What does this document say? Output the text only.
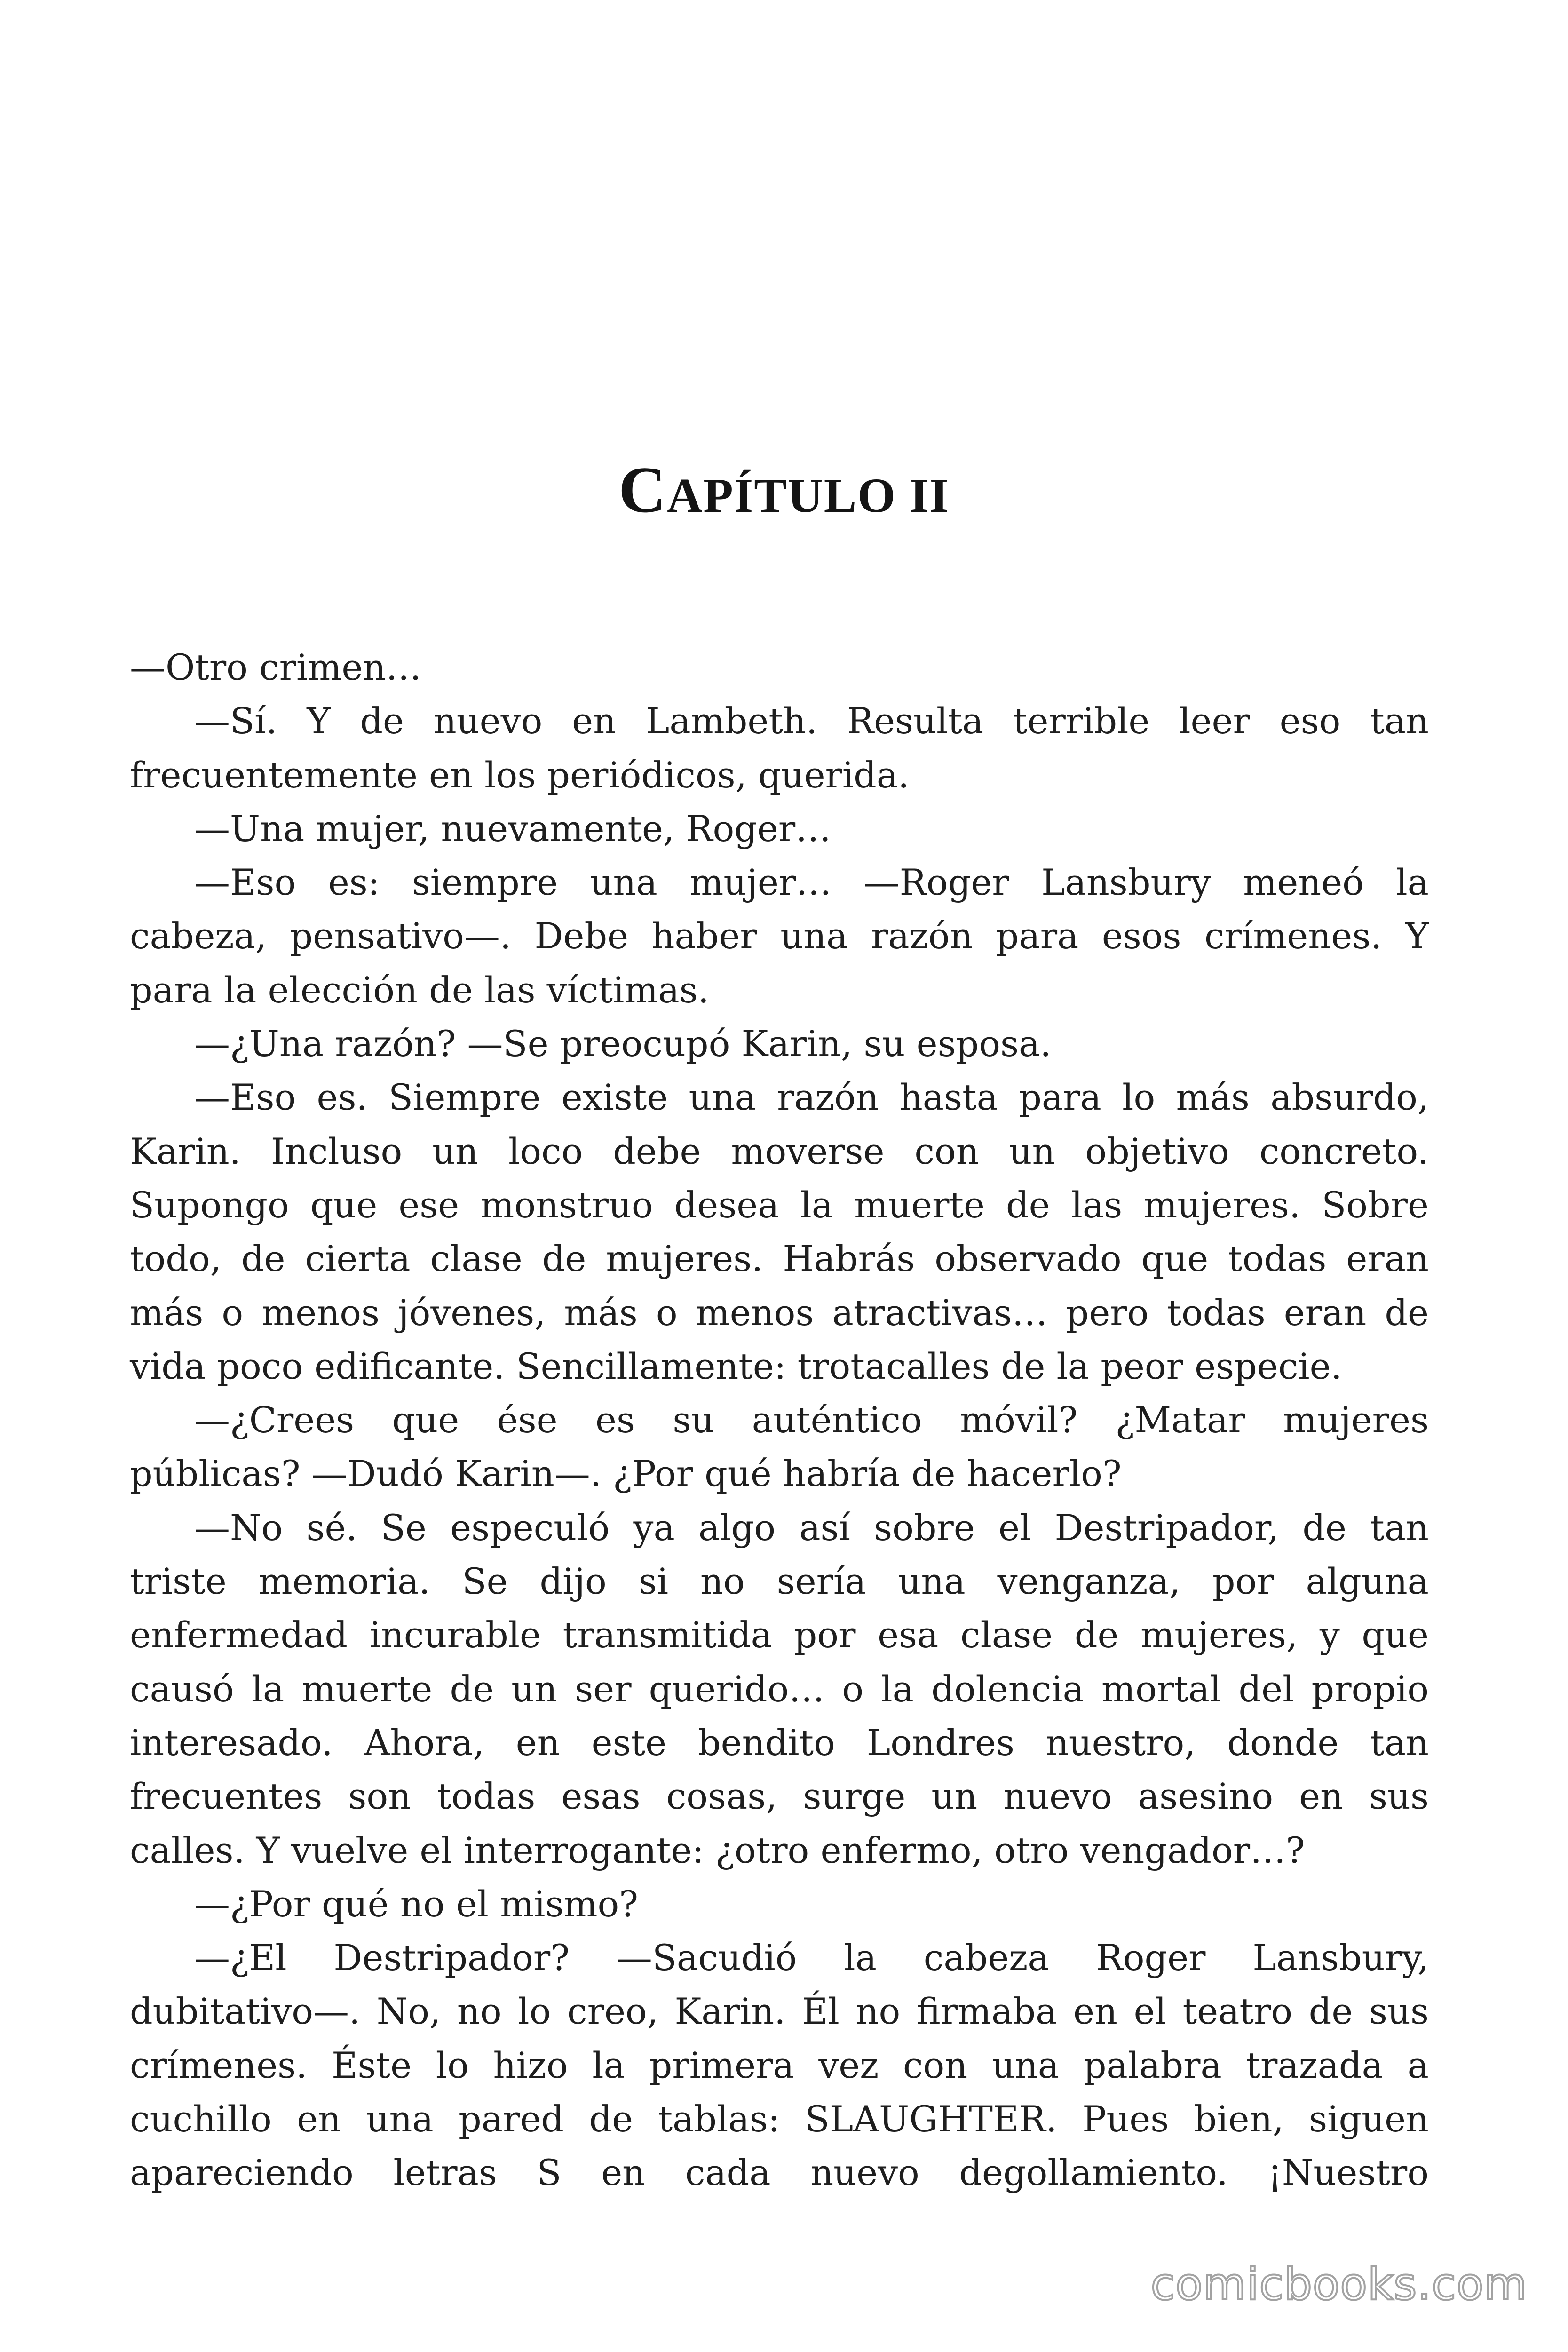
CAPÍTULO II
—Otro crimen…
—Sí. Y de nuevo en Lambeth. Resulta terrible leer eso tan
frecuentemente en los periódicos, querida.
—Una mujer, nuevamente, Roger…
—Eso es: siempre una mujer… —Roger Lansbury meneó la
cabeza, pensativo—. Debe haber una razón para esos crímenes. Y
para la elección de las víctimas.
—¿Una razón? —Se preocupó Karin, su esposa.
—Eso es. Siempre existe una razón hasta para lo más absurdo,
Karin. Incluso un loco debe moverse con un objetivo concreto.
Supongo que ese monstruo desea la muerte de las mujeres. Sobre
todo, de cierta clase de mujeres. Habrás observado que todas eran
más o menos jóvenes, más o menos atractivas… pero todas eran de
vida poco edificante. Sencillamente: trotacalles de la peor especie.
—¿Crees que ése es su auténtico móvil? ¿Matar mujeres
públicas? —Dudó Karin—. ¿Por qué habría de hacerlo?
—No sé. Se especuló ya algo así sobre el Destripador, de tan
triste memoria. Se dijo si no sería una venganza, por alguna
enfermedad incurable transmitida por esa clase de mujeres, y que
causó la muerte de un ser querido… o la dolencia mortal del propio
interesado. Ahora, en este bendito Londres nuestro, donde tan
frecuentes son todas esas cosas, surge un nuevo asesino en sus
calles. Y vuelve el interrogante: ¿otro enfermo, otro vengador…?
—¿Por qué no el mismo?
—¿El Destripador? —Sacudió la cabeza Roger Lansbury,
dubitativo—. No, no lo creo, Karin. Él no firmaba en el teatro de sus
crímenes. Éste lo hizo la primera vez con una palabra trazada a
cuchillo en una pared de tablas: SLAUGHTER. Pues bien, siguen
apareciendo letras S en cada nuevo degollamiento. ¡Nuestro
comicbooks.com
